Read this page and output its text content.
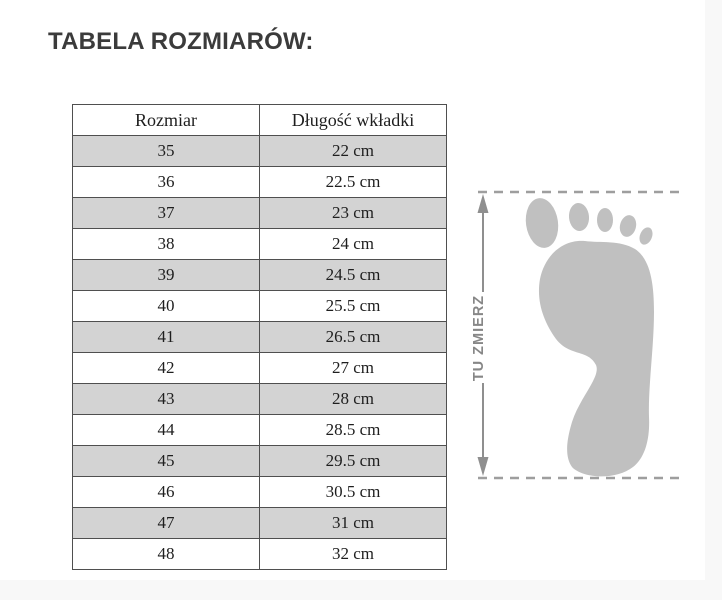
TABELA ROZMIARÓW:
Rozmiar	Długość wkładki
35	22 cm
36	22.5 cm
37	23 cm
38	24 cm
39	24.5 cm
40	25.5 cm
41	26.5 cm
42	27 cm
43	28 cm
44	28.5 cm
45	29.5 cm
46	30.5 cm
47	31 cm
48	32 cm
TU ZMIERZ
